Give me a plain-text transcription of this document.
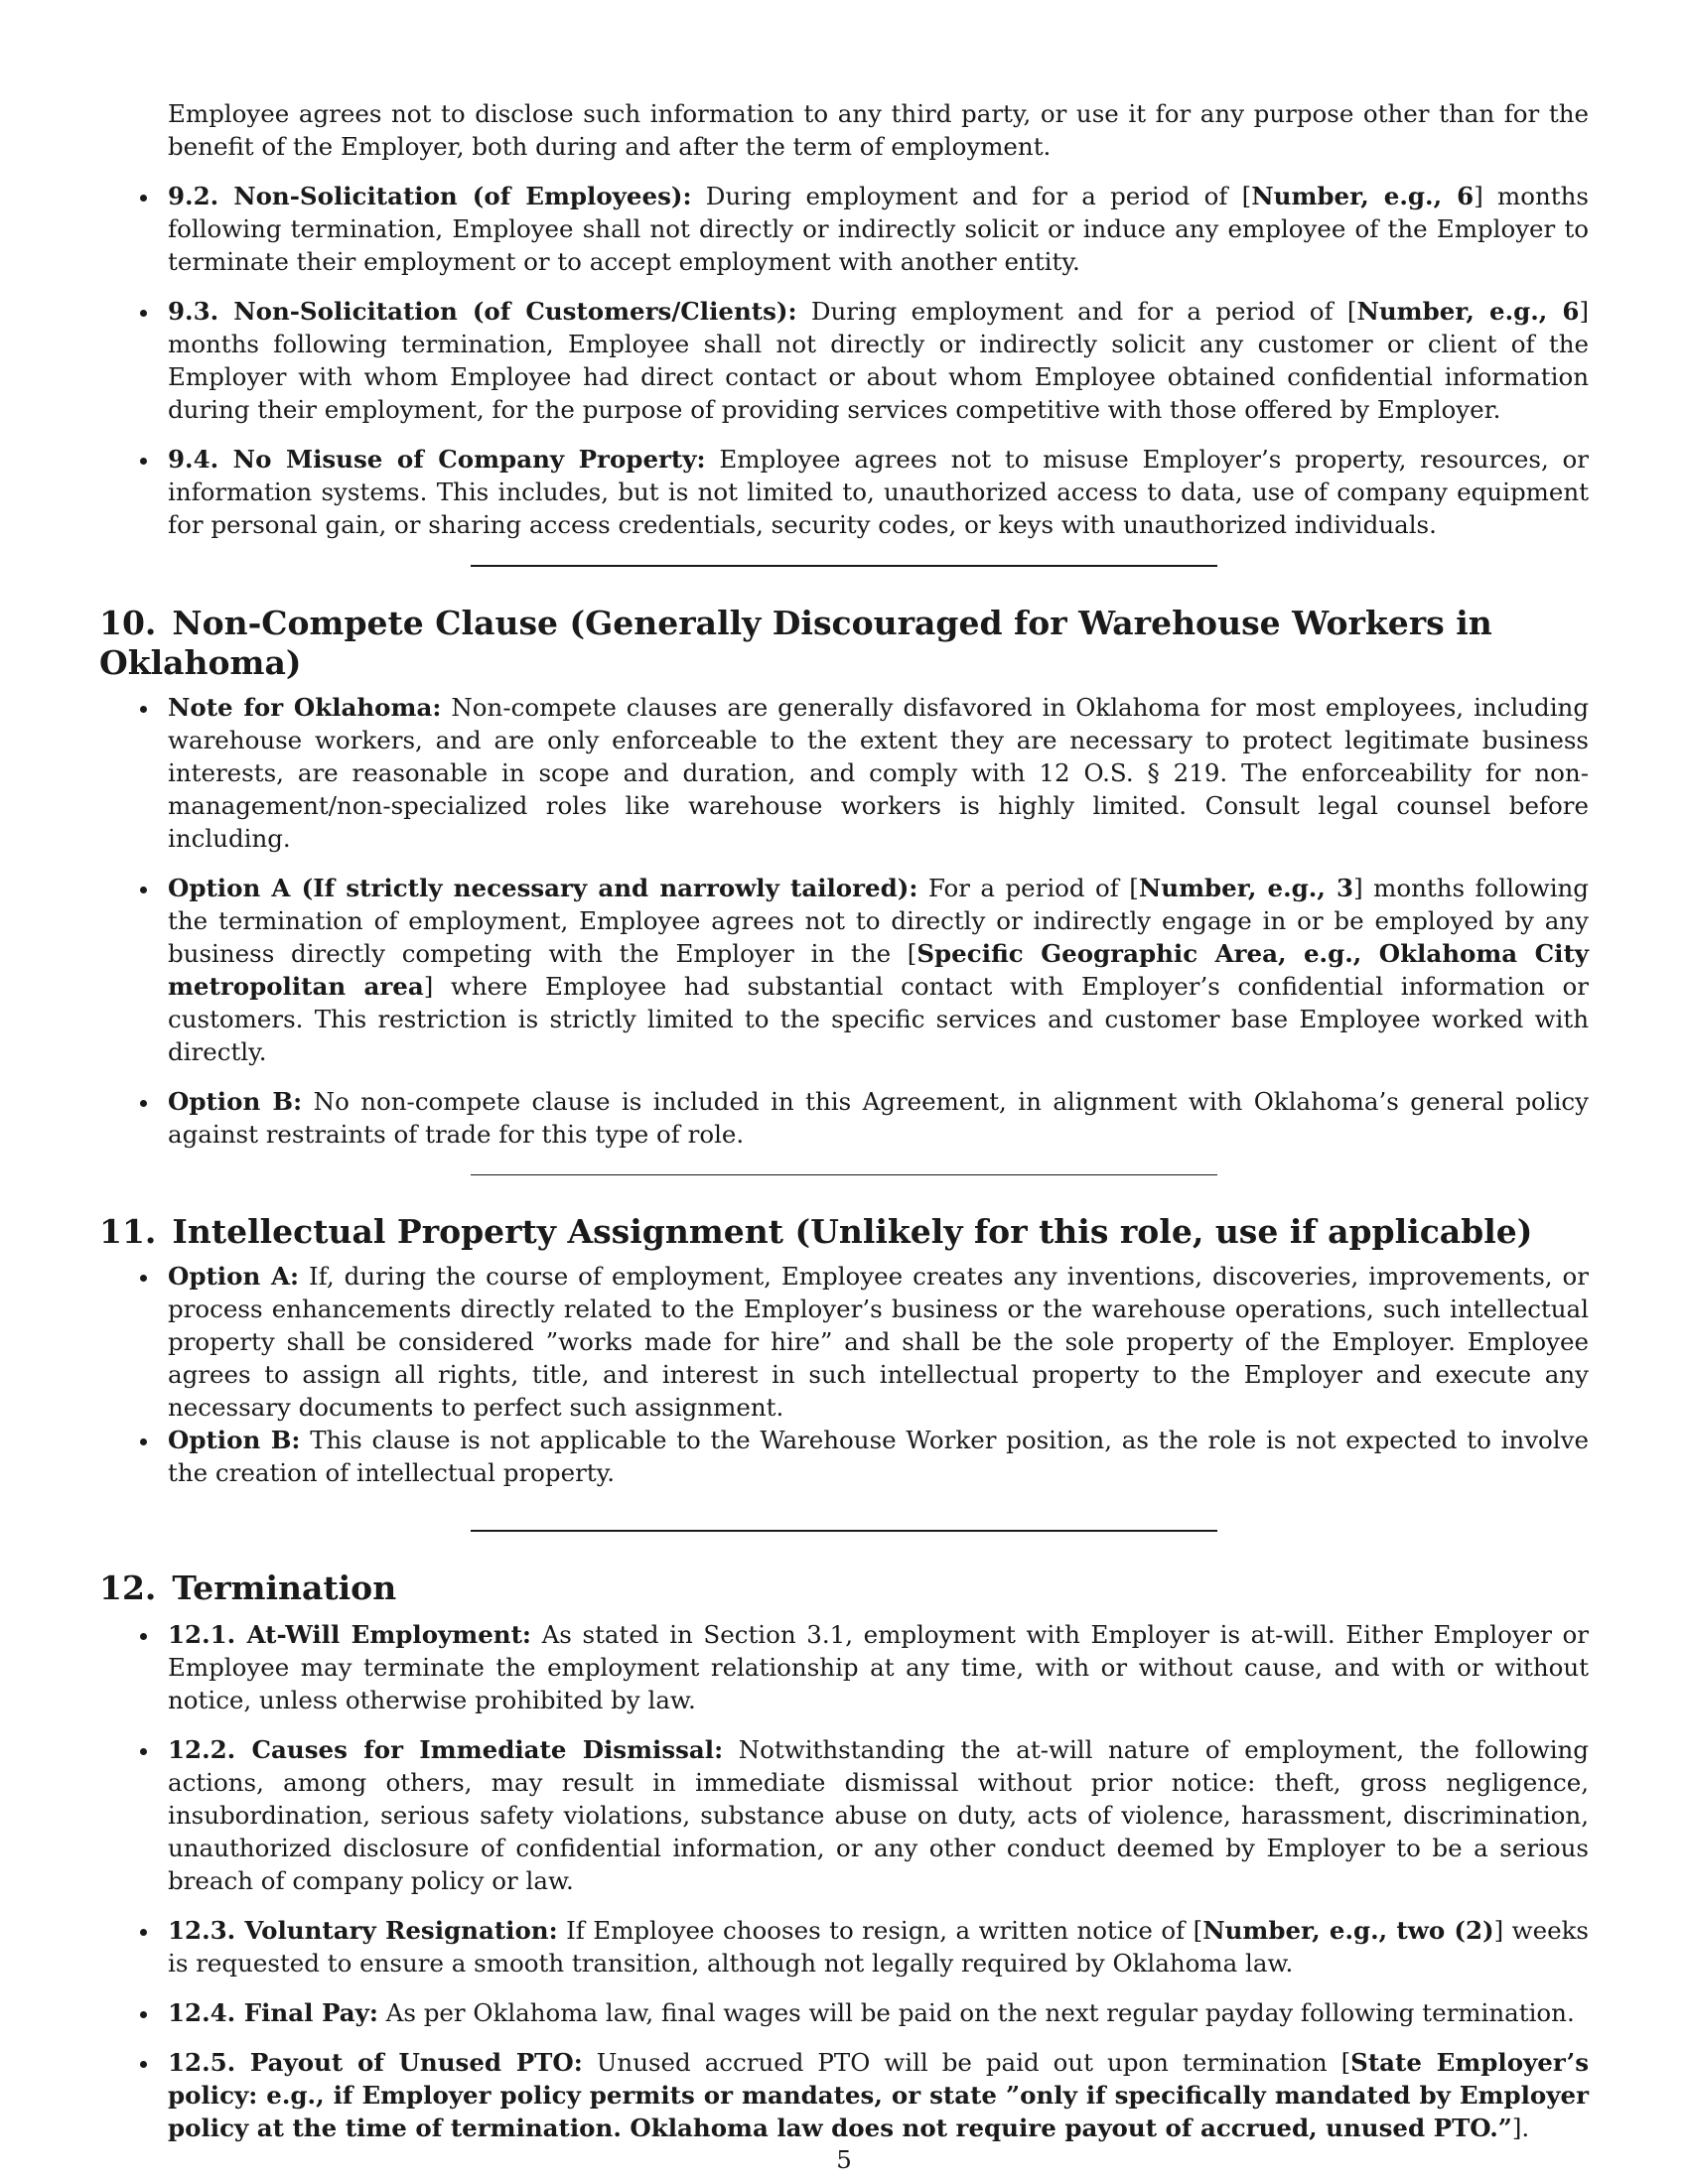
Employee agrees not to disclose such information to any third party, or use it for any purpose other than for the benefit of the Employer, both during and after the term of employment.

9.2. Non-Solicitation (of Employees): During employment and for a period of [Number, e.g., 6] months following termination, Employee shall not directly or indirectly solicit or induce any employee of the Employer to terminate their employment or to accept employment with another entity.
9.3. Non-Solicitation (of Customers/Clients): During employment and for a period of [Number, e.g., 6] months following termination, Employee shall not directly or indirectly solicit any customer or client of the Employer with whom Employee had direct contact or about whom Employee obtained confidential information during their employment, for the purpose of providing services competitive with those offered by Employer.
9.4. No Misuse of Company Property: Employee agrees not to misuse Employer’s property, resources, or information systems. This includes, but is not limited to, unauthorized access to data, use of company equipment for personal gain, or sharing access credentials, security codes, or keys with unauthorized individuals.
10. Non-Compete Clause (Generally Discouraged for Warehouse Workers in Oklahoma)
Note for Oklahoma: Non-compete clauses are generally disfavored in Oklahoma for most employees, including warehouse workers, and are only enforceable to the extent they are necessary to protect legitimate business interests, are reasonable in scope and duration, and comply with 12 O.S. § 219. The enforceability for non-management/non-specialized roles like warehouse workers is highly limited. Consult legal counsel before including.
Option A (If strictly necessary and narrowly tailored): For a period of [Number, e.g., 3] months following the termination of employment, Employee agrees not to directly or indirectly engage in or be employed by any business directly competing with the Employer in the [Specific Geographic Area, e.g., Oklahoma City metropolitan area] where Employee had substantial contact with Employer’s confidential information or customers. This restriction is strictly limited to the specific services and customer base Employee worked with directly.
Option B: No non-compete clause is included in this Agreement, in alignment with Oklahoma’s general policy against restraints of trade for this type of role.
11. Intellectual Property Assignment (Unlikely for this role, use if applicable)
Option A: If, during the course of employment, Employee creates any inventions, discoveries, improvements, or process enhancements directly related to the Employer’s business or the warehouse operations, such intellectual property shall be considered ”works made for hire” and shall be the sole property of the Employer. Employee agrees to assign all rights, title, and interest in such intellectual property to the Employer and execute any necessary documents to perfect such assignment.
Option B: This clause is not applicable to the Warehouse Worker position, as the role is not expected to involve the creation of intellectual property.
12. Termination
12.1. At-Will Employment: As stated in Section 3.1, employment with Employer is at-will. Either Employer or Employee may terminate the employment relationship at any time, with or without cause, and with or without notice, unless otherwise prohibited by law.
12.2. Causes for Immediate Dismissal: Notwithstanding the at-will nature of employment, the following actions, among others, may result in immediate dismissal without prior notice: theft, gross negligence, insubordination, serious safety violations, substance abuse on duty, acts of violence, harassment, discrimination, unauthorized disclosure of confidential information, or any other conduct deemed by Employer to be a serious breach of company policy or law.
12.3. Voluntary Resignation: If Employee chooses to resign, a written notice of [Number, e.g., two (2)] weeks is requested to ensure a smooth transition, although not legally required by Oklahoma law.
12.4. Final Pay: As per Oklahoma law, final wages will be paid on the next regular payday following termination.
12.5. Payout of Unused PTO: Unused accrued PTO will be paid out upon termination [State Employer’s policy: e.g., if Employer policy permits or mandates, or state ”only if specifically mandated by Employer policy at the time of termination. Oklahoma law does not require payout of accrued, unused PTO.”].
5
